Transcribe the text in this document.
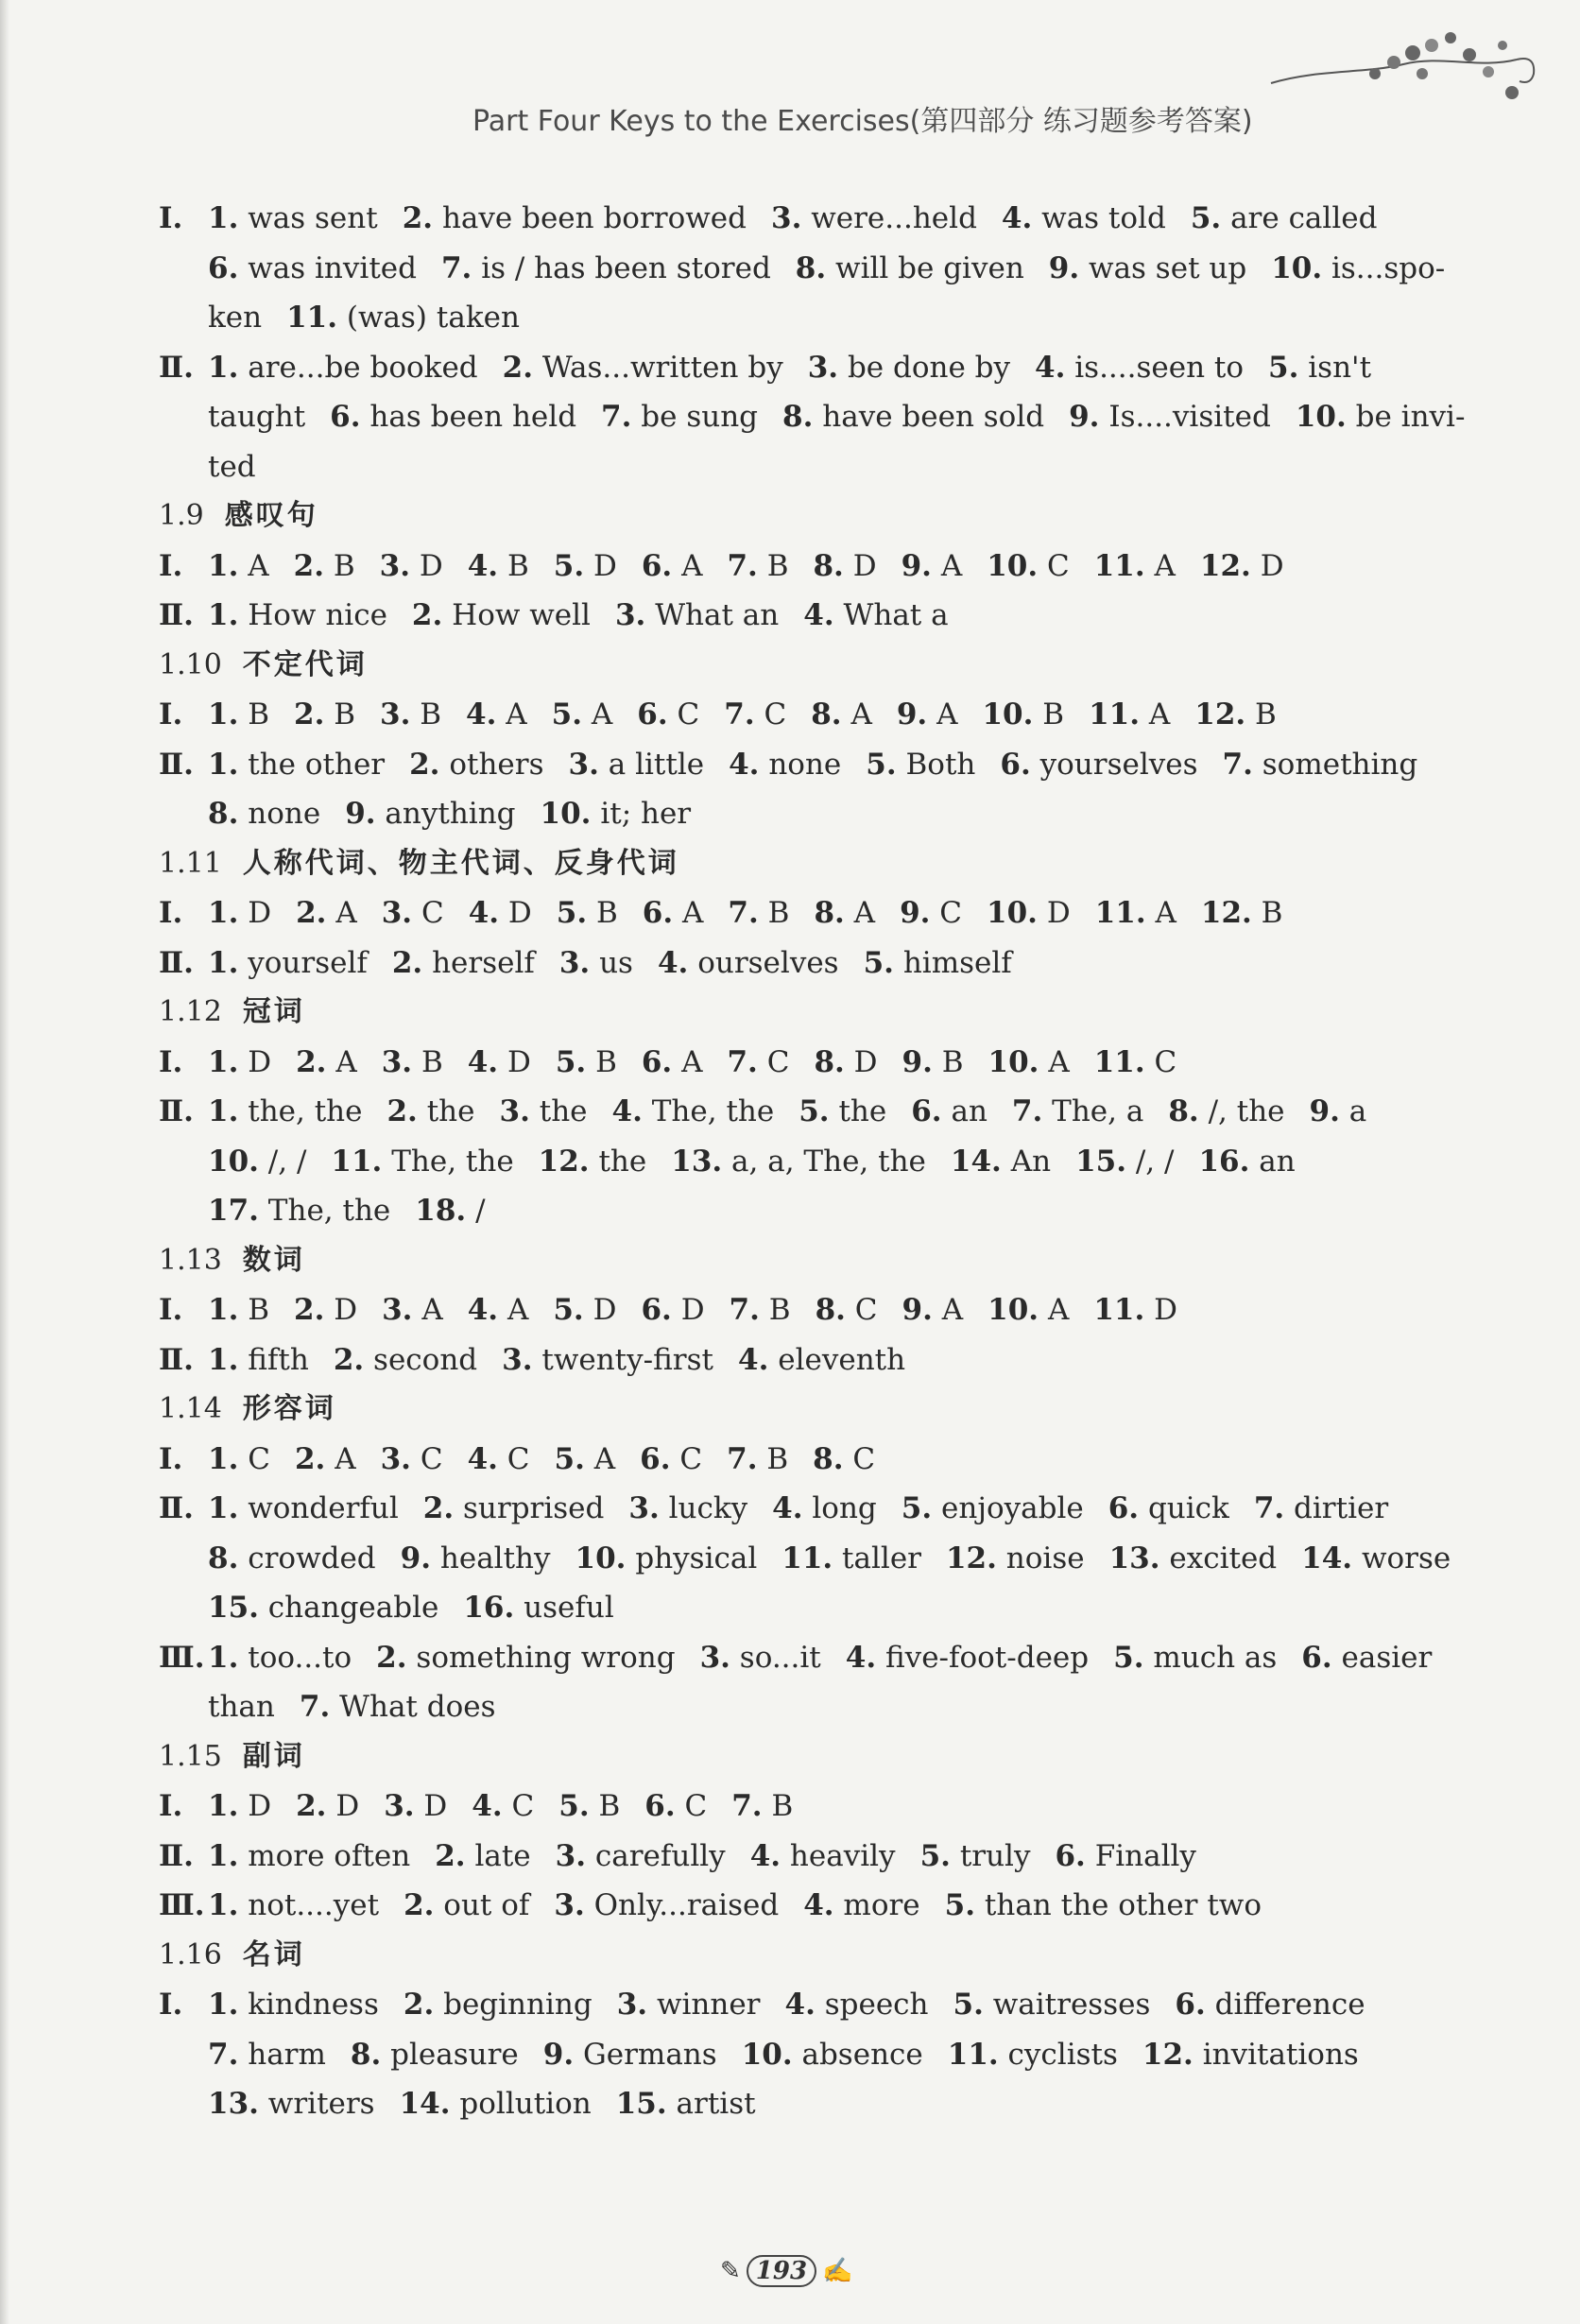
Part Four Keys to the Exercises(第四部分 练习题参考答案)
Ⅰ. 1. was sent 2. have been borrowed 3. were...held 4. was told 5. are called
6. was invited 7. is / has been stored 8. will be given 9. was set up 10. is...spo-
ken 11. (was) taken
Ⅱ. 1. are...be booked 2. Was...written by 3. be done by 4. is....seen to 5. isn't
taught 6. has been held 7. be sung 8. have been sold 9. Is....visited 10. be invi-
ted
1.9 感叹句
Ⅰ. 1. A 2. B 3. D 4. B 5. D 6. A 7. B 8. D 9. A 10. C 11. A 12. D
Ⅱ. 1. How nice 2. How well 3. What an 4. What a
1.10 不定代词
Ⅰ. 1. B 2. B 3. B 4. A 5. A 6. C 7. C 8. A 9. A 10. B 11. A 12. B
Ⅱ. 1. the other 2. others 3. a little 4. none 5. Both 6. yourselves 7. something
8. none 9. anything 10. it; her
1.11 人称代词、物主代词、反身代词
Ⅰ. 1. D 2. A 3. C 4. D 5. B 6. A 7. B 8. A 9. C 10. D 11. A 12. B
Ⅱ. 1. yourself 2. herself 3. us 4. ourselves 5. himself
1.12 冠词
Ⅰ. 1. D 2. A 3. B 4. D 5. B 6. A 7. C 8. D 9. B 10. A 11. C
Ⅱ. 1. the, the 2. the 3. the 4. The, the 5. the 6. an 7. The, a 8. /, the 9. a
10. /, / 11. The, the 12. the 13. a, a, The, the 14. An 15. /, / 16. an
17. The, the 18. /
1.13 数词
Ⅰ. 1. B 2. D 3. A 4. A 5. D 6. D 7. B 8. C 9. A 10. A 11. D
Ⅱ. 1. fifth 2. second 3. twenty-first 4. eleventh
1.14 形容词
Ⅰ. 1. C 2. A 3. C 4. C 5. A 6. C 7. B 8. C
Ⅱ. 1. wonderful 2. surprised 3. lucky 4. long 5. enjoyable 6. quick 7. dirtier
8. crowded 9. healthy 10. physical 11. taller 12. noise 13. excited 14. worse
15. changeable 16. useful
Ⅲ. 1. too...to 2. something wrong 3. so...it 4. five-foot-deep 5. much as 6. easier
than 7. What does
1.15 副词
Ⅰ. 1. D 2. D 3. D 4. C 5. B 6. C 7. B
Ⅱ. 1. more often 2. late 3. carefully 4. heavily 5. truly 6. Finally
Ⅲ. 1. not....yet 2. out of 3. Only...raised 4. more 5. than the other two
1.16 名词
Ⅰ. 1. kindness 2. beginning 3. winner 4. speech 5. waitresses 6. difference
7. harm 8. pleasure 9. Germans 10. absence 11. cyclists 12. invitations
13. writers 14. pollution 15. artist
✎ 193 ✍
